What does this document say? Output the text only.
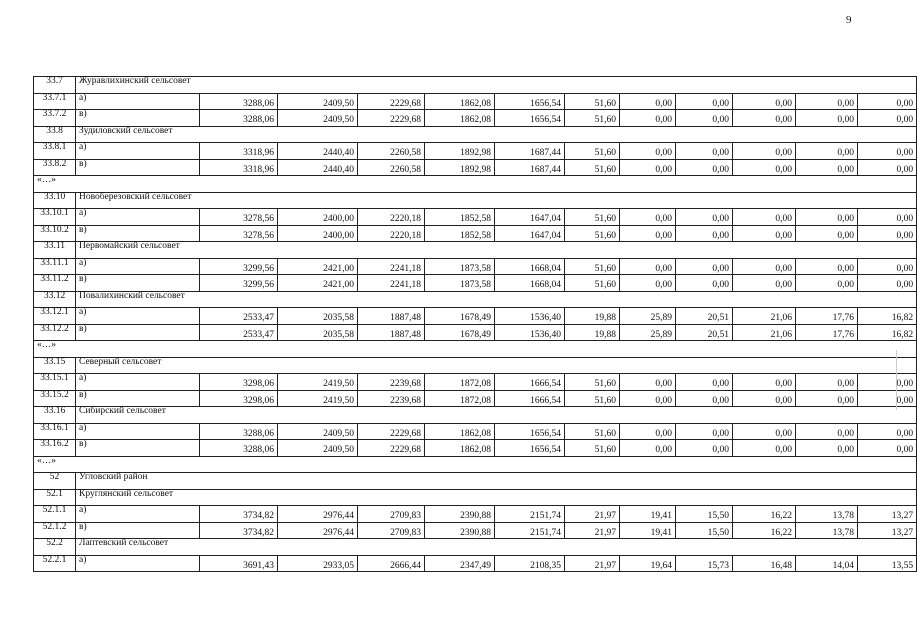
9
33.7	Журавлихинский сельсовет											
33.7.1	а)	3288,06	2409,50	2229,68	1862,08	1656,54	51,60	0,00	0,00	0,00	0,00	0,00
33.7.2	в)	3288,06	2409,50	2229,68	1862,08	1656,54	51,60	0,00	0,00	0,00	0,00	0,00
33.8	Зудиловский сельсовет											
33.8.1	а)	3318,96	2440,40	2260,58	1892,98	1687,44	51,60	0,00	0,00	0,00	0,00	0,00
33.8.2	в)	3318,96	2440,40	2260,58	1892,98	1687,44	51,60	0,00	0,00	0,00	0,00	0,00
«…»												
33.10	Новоберезовский сельсовет											
33.10.1	а)	3278,56	2400,00	2220,18	1852,58	1647,04	51,60	0,00	0,00	0,00	0,00	0,00
33.10.2	в)	3278,56	2400,00	2220,18	1852,58	1647,04	51,60	0,00	0,00	0,00	0,00	0,00
33.11	Первомайский сельсовет											
33.11.1	а)	3299,56	2421,00	2241,18	1873,58	1668,04	51,60	0,00	0,00	0,00	0,00	0,00
33.11.2	в)	3299,56	2421,00	2241,18	1873,58	1668,04	51,60	0,00	0,00	0,00	0,00	0,00
33.12	Повалихинский сельсовет											
33.12.1	а)	2533,47	2035,58	1887,48	1678,49	1536,40	19,88	25,89	20,51	21,06	17,76	16,82
33.12.2	в)	2533,47	2035,58	1887,48	1678,49	1536,40	19,88	25,89	20,51	21,06	17,76	16,82
«…»												
33.15	Северный сельсовет											
33.15.1	а)	3298,06	2419,50	2239,68	1872,08	1666,54	51,60	0,00	0,00	0,00	0,00	0,00
33.15.2	в)	3298,06	2419,50	2239,68	1872,08	1666,54	51,60	0,00	0,00	0,00	0,00	0,00
33.16	Сибирский сельсовет											
33.16.1	а)	3288,06	2409,50	2229,68	1862,08	1656,54	51,60	0,00	0,00	0,00	0,00	0,00
33.16.2	в)	3288,06	2409,50	2229,68	1862,08	1656,54	51,60	0,00	0,00	0,00	0,00	0,00
«…»												
52	Угловский район											
52.1	Круглянский сельсовет											
52.1.1	а)	3734,82	2976,44	2709,83	2390,88	2151,74	21,97	19,41	15,50	16,22	13,78	13,27
52.1.2	в)	3734,82	2976,44	2709,83	2390,88	2151,74	21,97	19,41	15,50	16,22	13,78	13,27
52.2	Лаптевский сельсовет											
52.2.1	а)	3691,43	2933,05	2666,44	2347,49	2108,35	21,97	19,64	15,73	16,48	14,04	13,55
